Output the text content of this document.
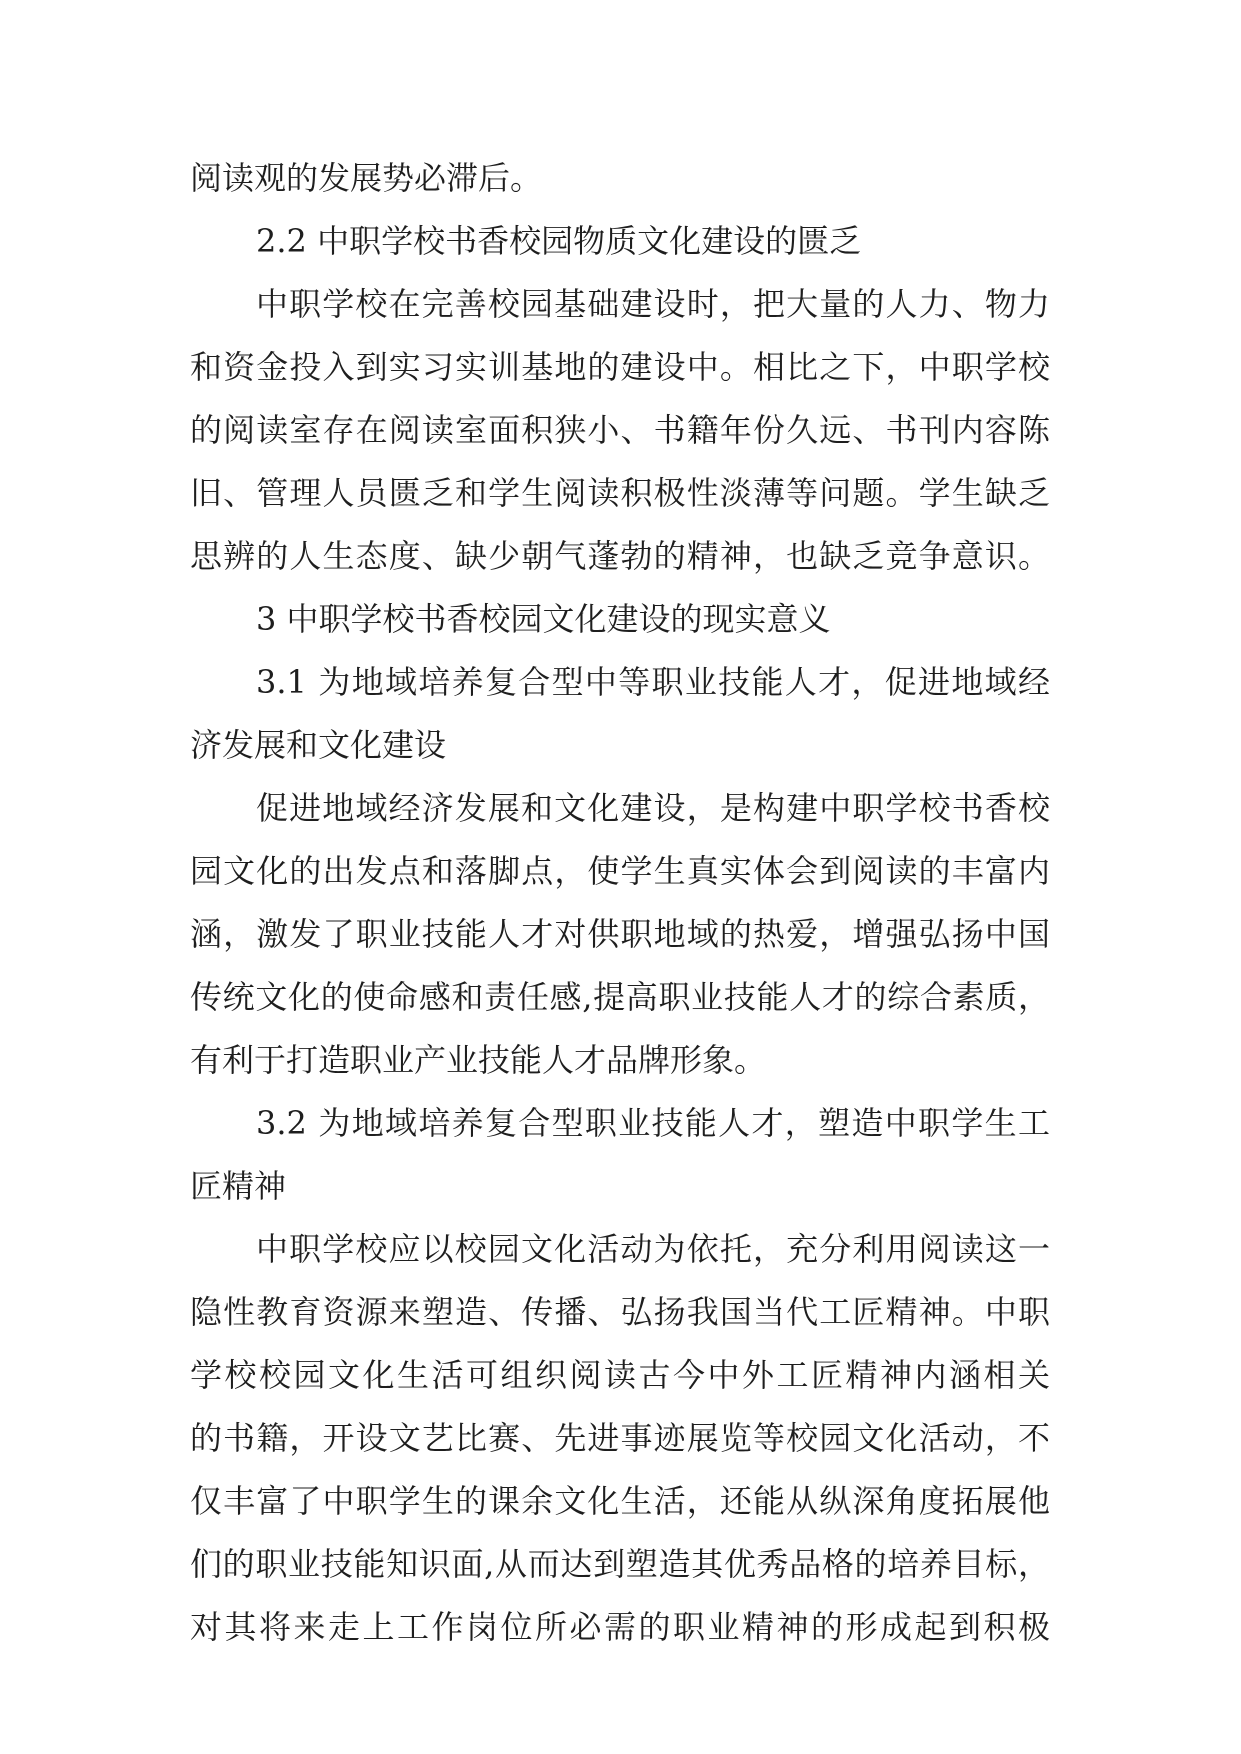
阅读观的发展势必滞后。
2.2 中职学校书香校园物质文化建设的匮乏
中职学校在完善校园基础建设时，把大量的人力、物力
和资金投入到实习实训基地的建设中。相比之下，中职学校
的阅读室存在阅读室面积狭小、书籍年份久远、书刊内容陈
旧、管理人员匮乏和学生阅读积极性淡薄等问题。学生缺乏
思辨的人生态度、缺少朝气蓬勃的精神，也缺乏竞争意识。
3 中职学校书香校园文化建设的现实意义
3.1 为地域培养复合型中等职业技能人才，促进地域经
济发展和文化建设
促进地域经济发展和文化建设，是构建中职学校书香校
园文化的出发点和落脚点，使学生真实体会到阅读的丰富内
涵，激发了职业技能人才对供职地域的热爱，增强弘扬中国
传统文化的使命感和责任感,提高职业技能人才的综合素质，
有利于打造职业产业技能人才品牌形象。
3.2 为地域培养复合型职业技能人才，塑造中职学生工
匠精神
中职学校应以校园文化活动为依托，充分利用阅读这一
隐性教育资源来塑造、传播、弘扬我国当代工匠精神。中职
学校校园文化生活可组织阅读古今中外工匠精神内涵相关
的书籍，开设文艺比赛、先进事迹展览等校园文化活动，不
仅丰富了中职学生的课余文化生活，还能从纵深角度拓展他
们的职业技能知识面,从而达到塑造其优秀品格的培养目标，
对其将来走上工作岗位所必需的职业精神的形成起到积极
